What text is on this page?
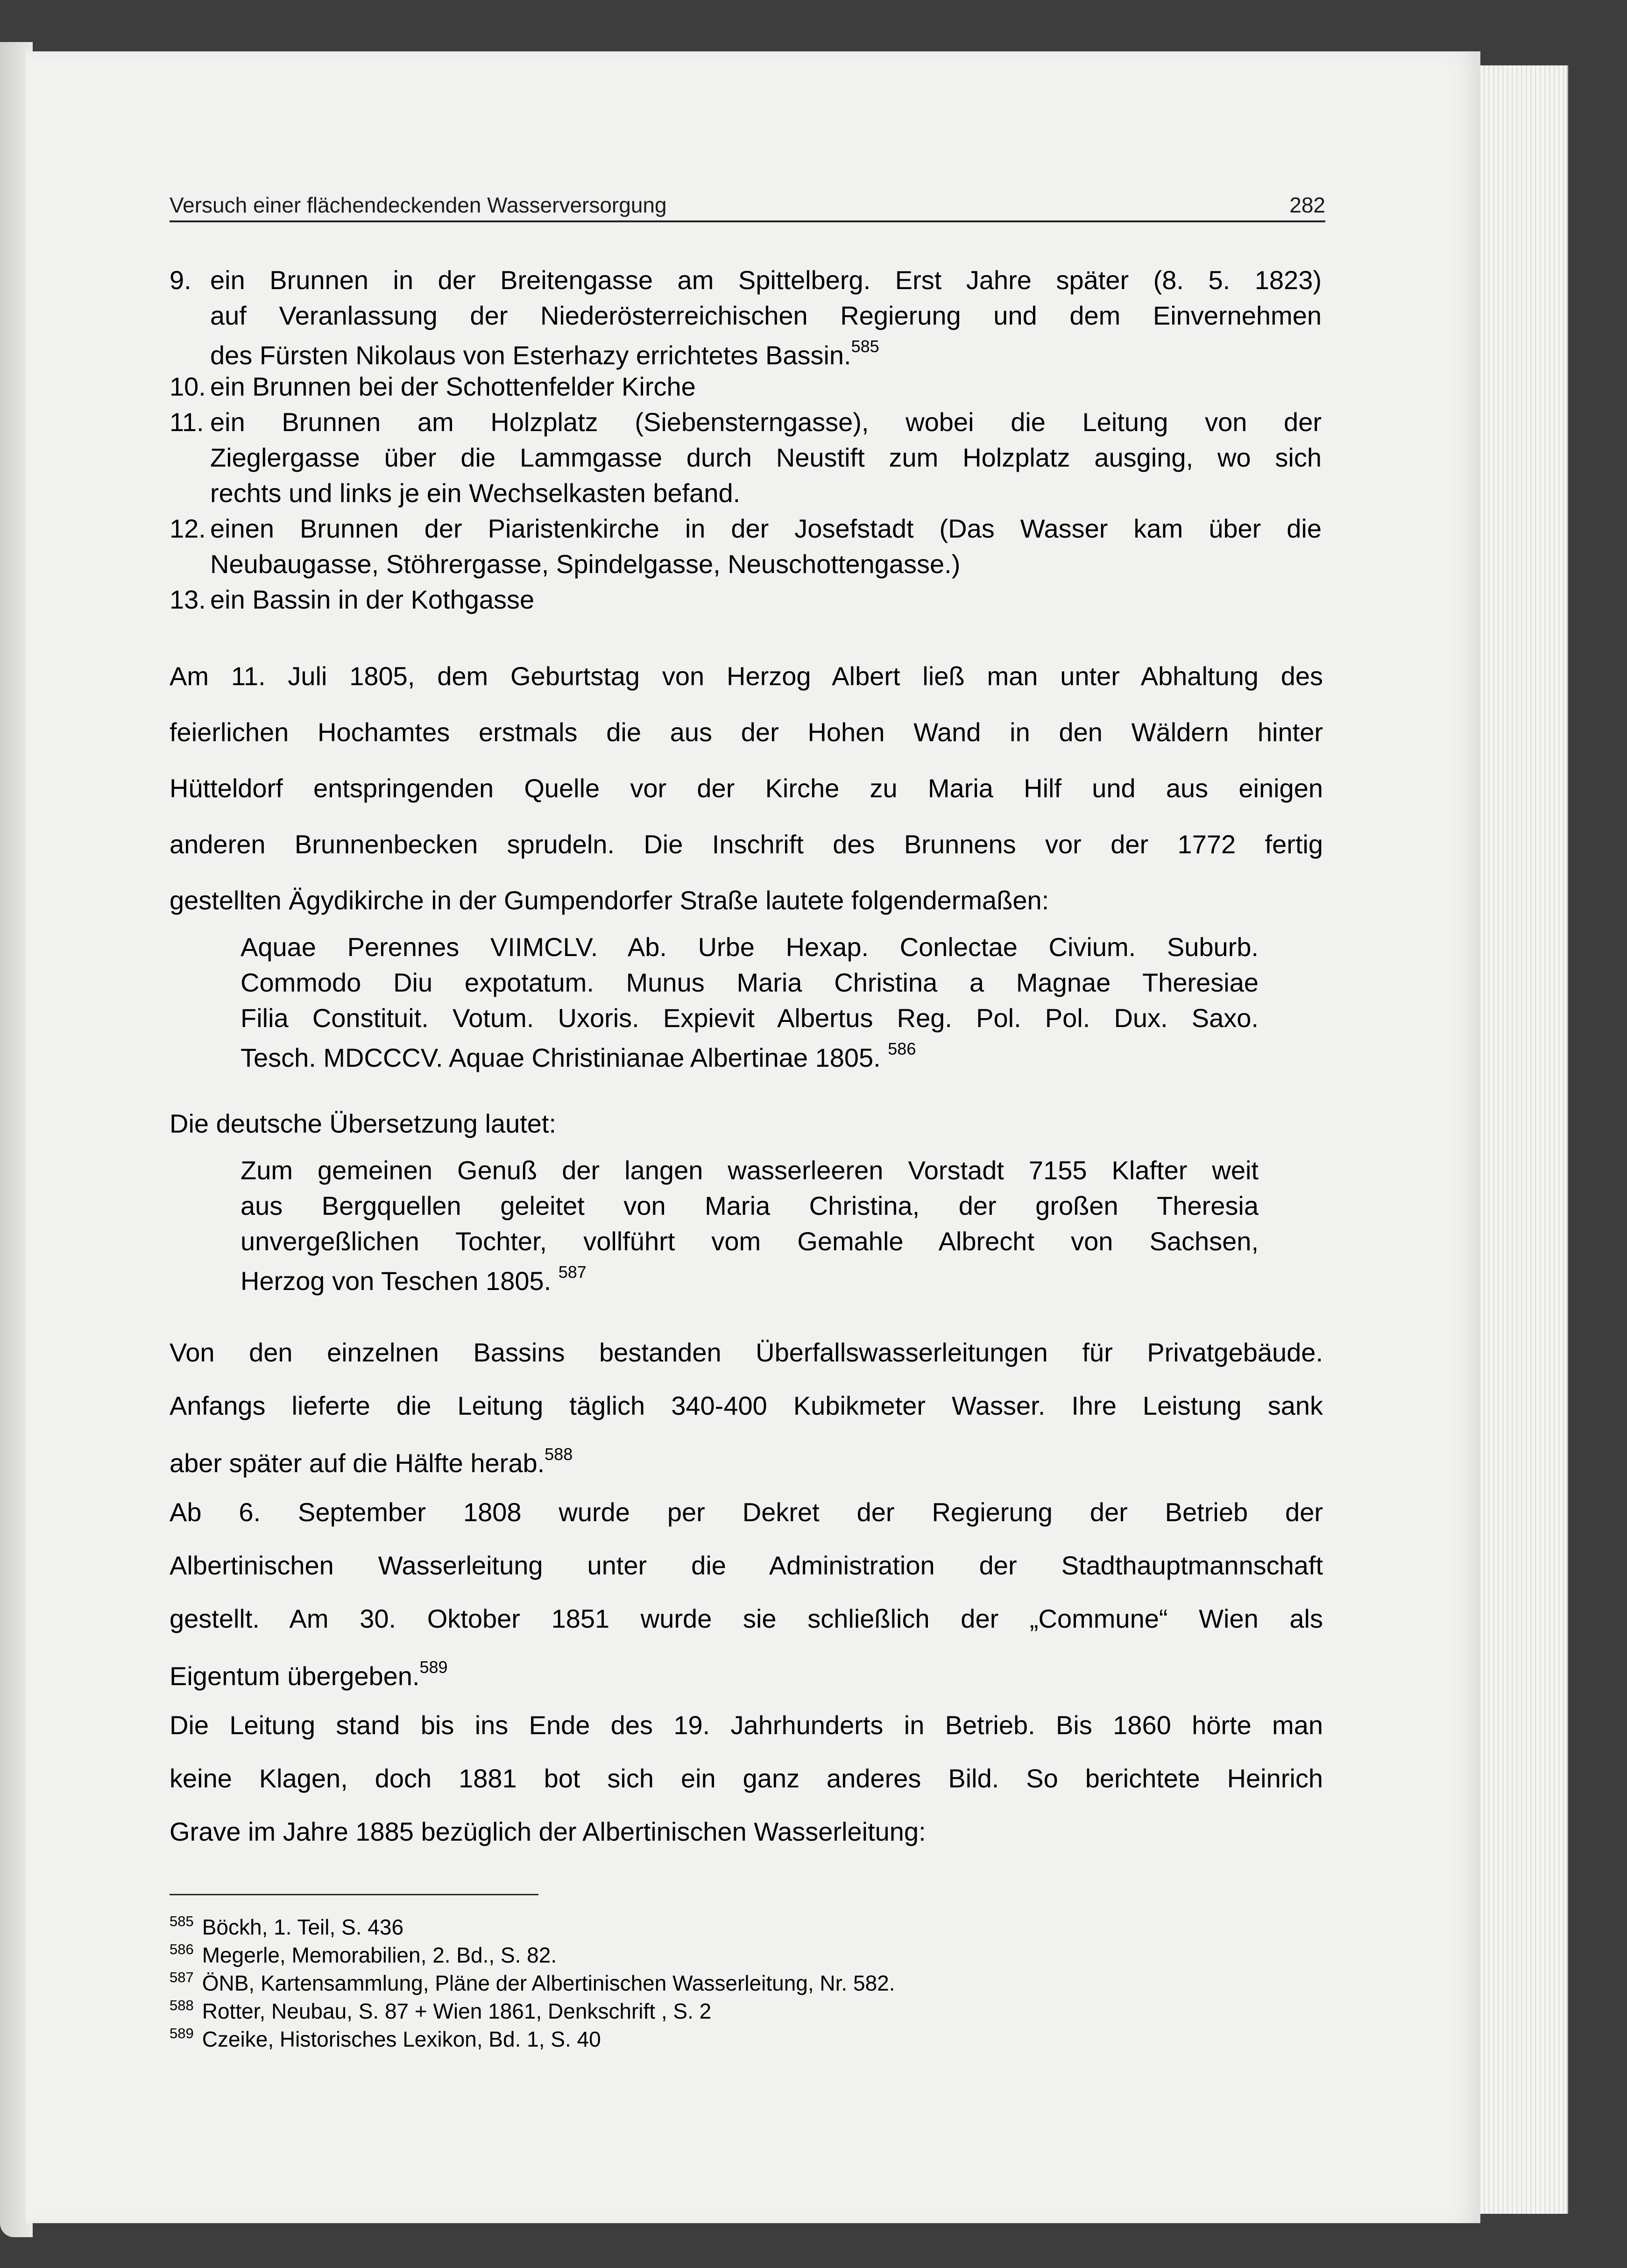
Versuch einer flächendeckenden Wasserversorgung	282
9. ein Brunnen in der Breitengasse am Spittelberg. Erst Jahre später (8. 5. 1823)
auf Veranlassung der Niederösterreichischen Regierung und dem Einvernehmen
des Fürsten Nikolaus von Esterhazy errichtetes Bassin.$^{585}$
10. ein Brunnen bei der Schottenfelder Kirche
11. ein Brunnen am Holzplatz (Siebensterngasse), wobei die Leitung von der
Zieglergasse über die Lammgasse durch Neustift zum Holzplatz ausging, wo sich
rechts und links je ein Wechselkasten befand.
12. einen Brunnen der Piaristenkirche in der Josefstadt (Das Wasser kam über die
Neubaugasse, Stöhrergasse, Spindelgasse, Neuschottengasse.)
13. ein Bassin in der Kothgasse
Am 11. Juli 1805, dem Geburtstag von Herzog Albert ließ man unter Abhaltung des
feierlichen Hochamtes erstmals die aus der Hohen Wand in den Wäldern hinter
Hütteldorf entspringenden Quelle vor der Kirche zu Maria Hilf und aus einigen
anderen Brunnenbecken sprudeln. Die Inschrift des Brunnens vor der 1772 fertig
gestellten Ägydikirche in der Gumpendorfer Straße lautete folgendermaßen:
Aquae Perennes VIIMCLV. Ab. Urbe Hexap. Conlectae Civium. Suburb.
Commodo Diu expotatum. Munus Maria Christina a Magnae Theresiae
Filia Constituit. Votum. Uxoris. Expievit Albertus Reg. Pol. Pol. Dux. Saxo.
Tesch. MDCCCV. Aquae Christinianae Albertinae 1805. $^{586}$
Die deutsche Übersetzung lautet:
Zum gemeinen Genuß der langen wasserleeren Vorstadt 7155 Klafter weit
aus Bergquellen geleitet von Maria Christina, der großen Theresia
unvergeßlichen Tochter, vollführt vom Gemahle Albrecht von Sachsen,
Herzog von Teschen 1805. $^{587}$
Von den einzelnen Bassins bestanden Überfallswasserleitungen für Privatgebäude.
Anfangs lieferte die Leitung täglich 340-400 Kubikmeter Wasser. Ihre Leistung sank
aber später auf die Hälfte herab.$^{588}$
Ab 6. September 1808 wurde per Dekret der Regierung der Betrieb der
Albertinischen Wasserleitung unter die Administration der Stadthauptmannschaft
gestellt. Am 30. Oktober 1851 wurde sie schließlich der „Commune“ Wien als
Eigentum übergeben.$^{589}$
Die Leitung stand bis ins Ende des 19. Jahrhunderts in Betrieb. Bis 1860 hörte man
keine Klagen, doch 1881 bot sich ein ganz anderes Bild. So berichtete Heinrich
Grave im Jahre 1885 bezüglich der Albertinischen Wasserleitung:
$^{585}$ Böckh, 1. Teil, S. 436
$^{586}$ Megerle, Memorabilien, 2. Bd., S. 82.
$^{587}$ ÖNB, Kartensammlung, Pläne der Albertinischen Wasserleitung, Nr. 582.
$^{588}$ Rotter, Neubau, S. 87 + Wien 1861, Denkschrift , S. 2
$^{589}$ Czeike, Historisches Lexikon, Bd. 1, S. 40
